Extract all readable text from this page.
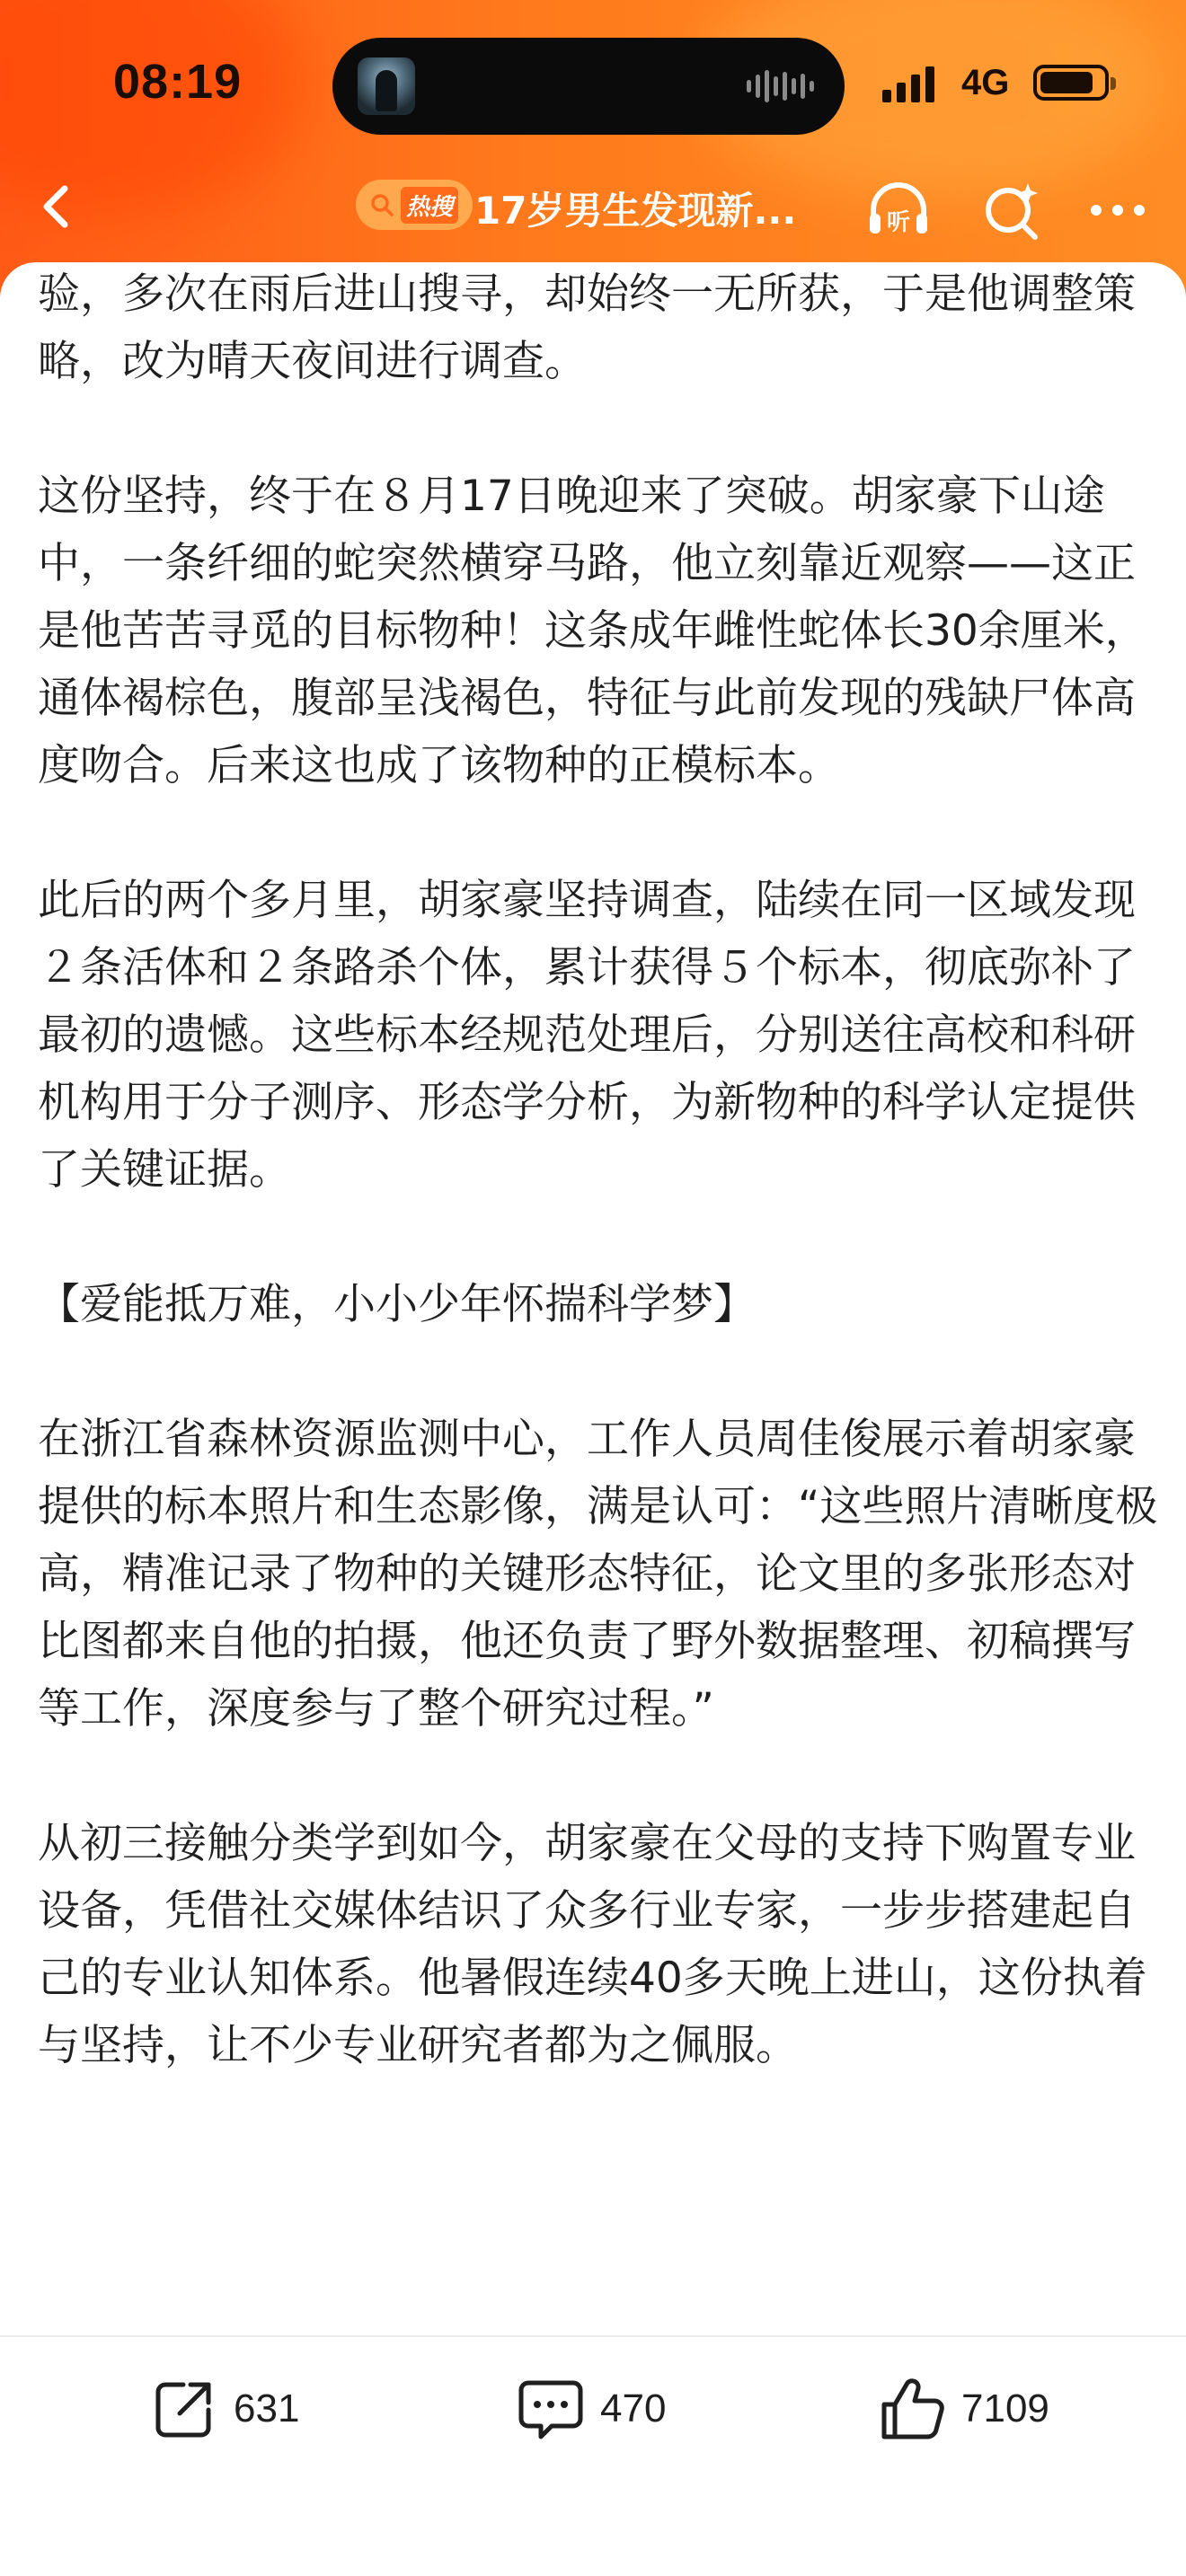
08:19	4G
热搜 17岁男生发现新...	听

验，多次在雨后进山搜寻，却始终一无所获，于是他调整策略，改为晴天夜间进行调查。

这份坚持，终于在８月17日晚迎来了突破。胡家豪下山途中，一条纤细的蛇突然横穿马路，他立刻靠近观察——这正是他苦苦寻觅的目标物种！这条成年雌性蛇体长30余厘米，通体褐棕色，腹部呈浅褐色，特征与此前发现的残缺尸体高度吻合。后来这也成了该物种的正模标本。

此后的两个多月里，胡家豪坚持调查，陆续在同一区域发现２条活体和２条路杀个体，累计获得５个标本，彻底弥补了最初的遗憾。这些标本经规范处理后，分别送往高校和科研机构用于分子测序、形态学分析，为新物种的科学认定提供了关键证据。

【爱能抵万难，小小少年怀揣科学梦】

在浙江省森林资源监测中心，工作人员周佳俊展示着胡家豪提供的标本照片和生态影像，满是认可：“这些照片清晰度极高，精准记录了物种的关键形态特征，论文里的多张形态对比图都来自他的拍摄，他还负责了野外数据整理、初稿撰写等工作，深度参与了整个研究过程。”

从初三接触分类学到如今，胡家豪在父母的支持下购置专业设备，凭借社交媒体结识了众多行业专家，一步步搭建起自己的专业认知体系。他暑假连续40多天晚上进山，这份执着与坚持，让不少专业研究者都为之佩服。

631	470	7109
